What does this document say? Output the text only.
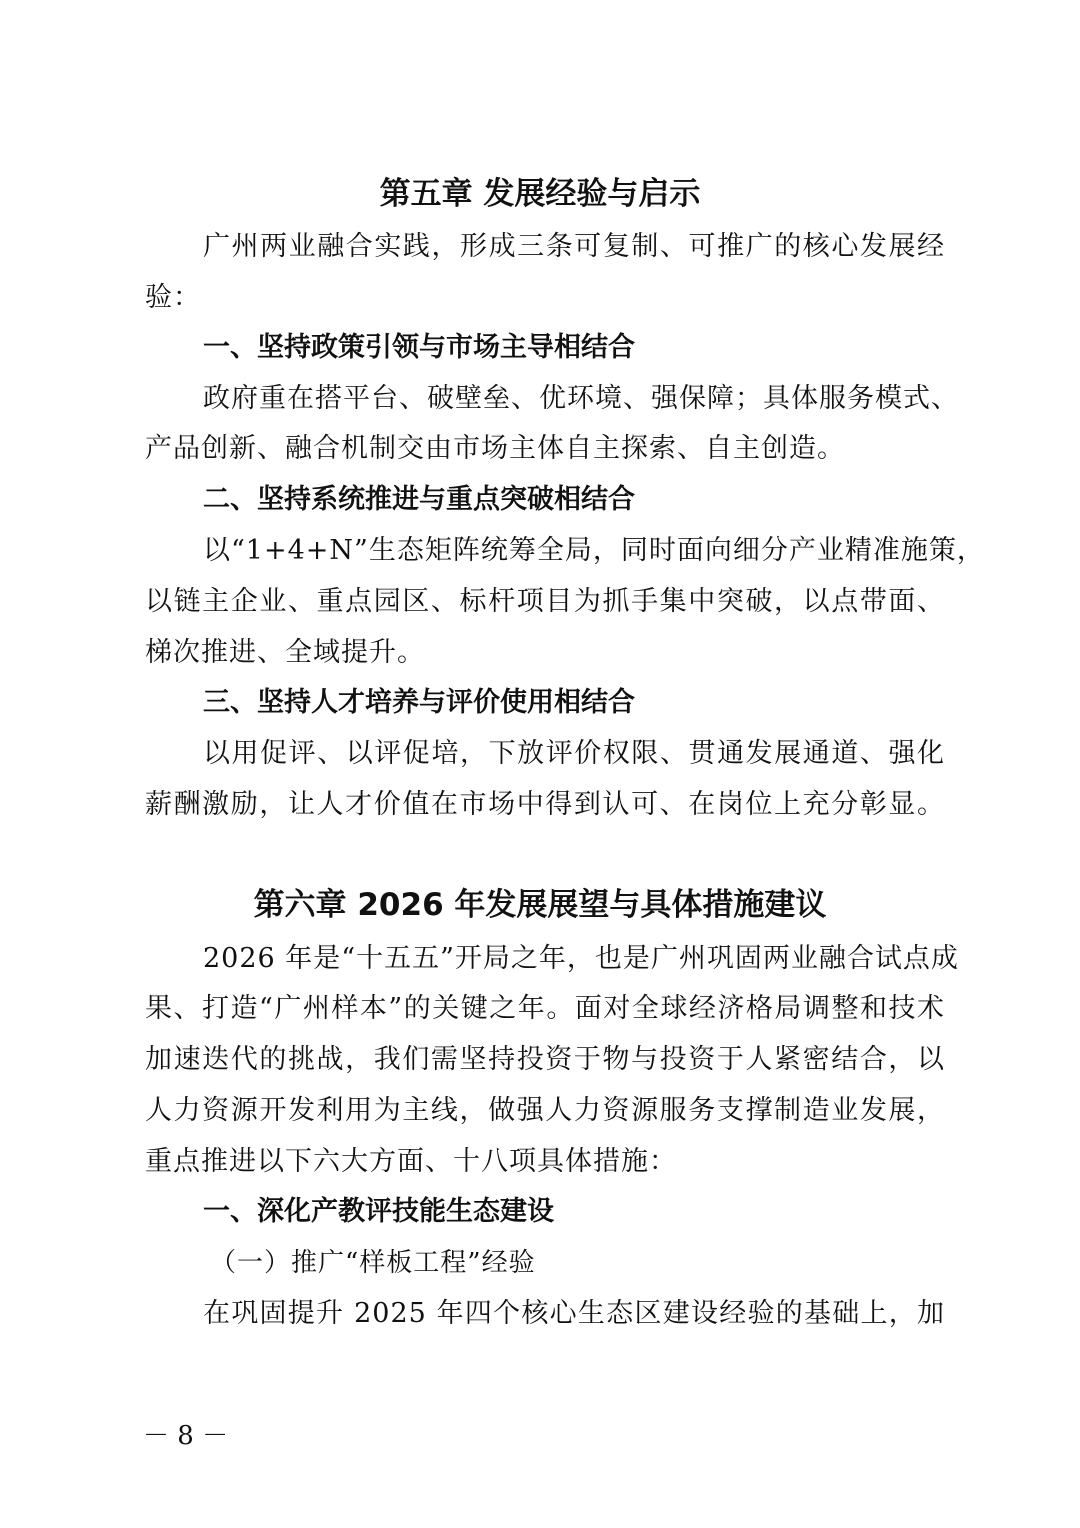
第五章 发展经验与启示
广州两业融合实践，形成三条可复制、可推广的核心发展经
验：
一、坚持政策引领与市场主导相结合
政府重在搭平台、破壁垒、优环境、强保障；具体服务模式、
产品创新、融合机制交由市场主体自主探索、自主创造。
二、坚持系统推进与重点突破相结合
以“1+4+N”生态矩阵统筹全局，同时面向细分产业精准施策，
以链主企业、重点园区、标杆项目为抓手集中突破，以点带面、
梯次推进、全域提升。
三、坚持人才培养与评价使用相结合
以用促评、以评促培，下放评价权限、贯通发展通道、强化
薪酬激励，让人才价值在市场中得到认可、在岗位上充分彰显。
第六章 2026 年发展展望与具体措施建议
2026 年是“十五五”开局之年，也是广州巩固两业融合试点成
果、打造“广州样本”的关键之年。面对全球经济格局调整和技术
加速迭代的挑战，我们需坚持投资于物与投资于人紧密结合，以
人力资源开发利用为主线，做强人力资源服务支撑制造业发展，
重点推进以下六大方面、十八项具体措施：
一、深化产教评技能生态建设
（一）推广“样板工程”经验
在巩固提升 2025 年四个核心生态区建设经验的基础上，加
－ 8 －
